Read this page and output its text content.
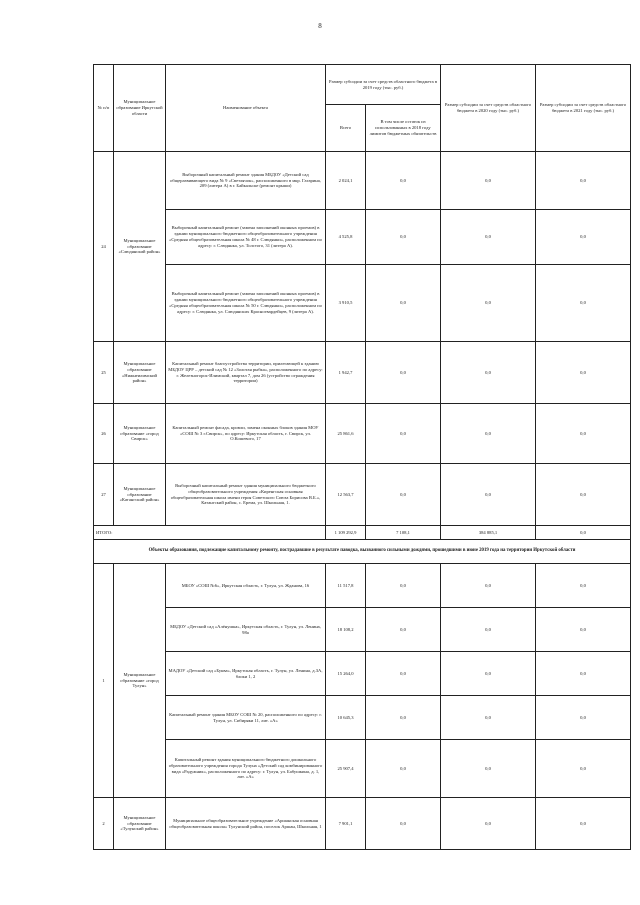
8
№ п/п	Муниципальное образование Иркутской области	Наименование объекта	Размер субсидии за счет средств областного бюджета в 2019 году (тыс. руб.)		Размер субсидии за счет средств областного бюджета в 2020 году (тыс. руб.)	Размер субсидии за счет средств областного бюджета в 2021 году (тыс. руб.)
			Всего	В том числе остаток из использованных в 2018 году лимитов бюджетных обязательств		
24	Муниципальное образование «Слюдянский район»	Выборочный капитальный ремонт здания МБДОУ «Детский сад общеразвивающего вида № 9 «Светлячок», расположенного в мкр. Гагарина, 209 (литера А) в г. Байкальске (ремонт крыши)	2 024,1	0,0	0,0	0,0
		Выборочный капитальный ремонт (замена заполнений оконных проемов) в здании муниципального бюджетного общеобразовательного учреждения «Средняя общеобразовательная школа № 48 г. Слюдянки», расположенном по адресу: г. Слюдянка, ул. Толстого, 31 (литера А).	4 525,8	0,0	0,0	0,0
		Выборочный капитальный ремонт (замена заполнений оконных проемов) в здании муниципального бюджетного общеобразовательного учреждения «Средняя общеобразовательная школа № 50 г. Слюдянки», расположенном по адресу: г. Слюдянка, ул. Слюдянских Красногвардейцев, 9 (литера А).	3 910,5	0,0	0,0	0,0
25	Муниципальное образование «Нижнеилимский район»	Капитальный ремонт благоустройства территории, прилегающей к зданию МБДОУ ЦРР – детский сад № 12 «Золотая рыбка», расположенного по адресу: г. Железногорск-Илимский, квартал 7, дом 26 (устройство ограждения территории)	1 942,7	0,0	0,0	0,0
26	Муниципальное образование «город Свирск»	Капитальный ремонт фасада, кровли, замена оконных блоков здания МОУ «СОШ № 3 г.Свирск», по адресу: Иркутская область, г. Свирск, ул. О.Кошевого, 17	25 861,6	0,0	0,0	0,0
27	Муниципальное образование «Катангский район»	Выборочный капитальный ремонт здания муниципального бюджетного общеобразовательного учреждения «Киренгская основная общеобразовательная школа имени героя Советского Союза Борисова В.Б.», Катангский район, с. Ерема, ул. Школьная, 1.	12 563,7	0,0	0,0	0,0
ИТОГО:			1 109 292,9	7 108,1	384 885,1	0,0
Объекты образования, подлежащие капитальному ремонту, пострадавшие в результате паводка, вызванного сильными дождями, прошедшими в июне 2019 года на территории Иркутской области						
1	Муниципальное образование «город Тулун»	МБОУ «СОШ №6», Иркутская область, г. Тулун, ул. Жданова, 16	11 517,8	0,0	0,0	0,0
		МБДОУ «Детский сад «Алёнушка», Иркутская область, г. Тулун, ул. Ленина, 98а	18 108,2	0,0	0,0	0,0
		МАДОУ «Детский сад «Буква», Иркутская область, г. Тулун, ул. Ленина, д.3А, блоки 1, 2	15 264,0	0,0	0,0	0,0
		Капитальный ремонт здания МБОУ СОШ № 20, расположенного по адресу: г. Тулун, ул. Сибиряки 11, лит. «А»	10 645,3	0,0	0,0	0,0
		Капитальный ремонт здания муниципального бюджетного дошкольного образовательного учреждения города Тулуна «Детский сад комбинированного вида «Радужник», расположенного по адресу: г. Тулун, ул. Бабушкина, д. 1, лит. «А»	25 907,4	0,0	0,0	0,0
2	Муниципальное образование «Тулунский район»	Муниципальное общеобразовательное учреждение «Аршанская основная общеобразовательная школа» Тулунский район, поселок Аршан, Школьная, 1	7 901,1	0,0	0,0	0,0
